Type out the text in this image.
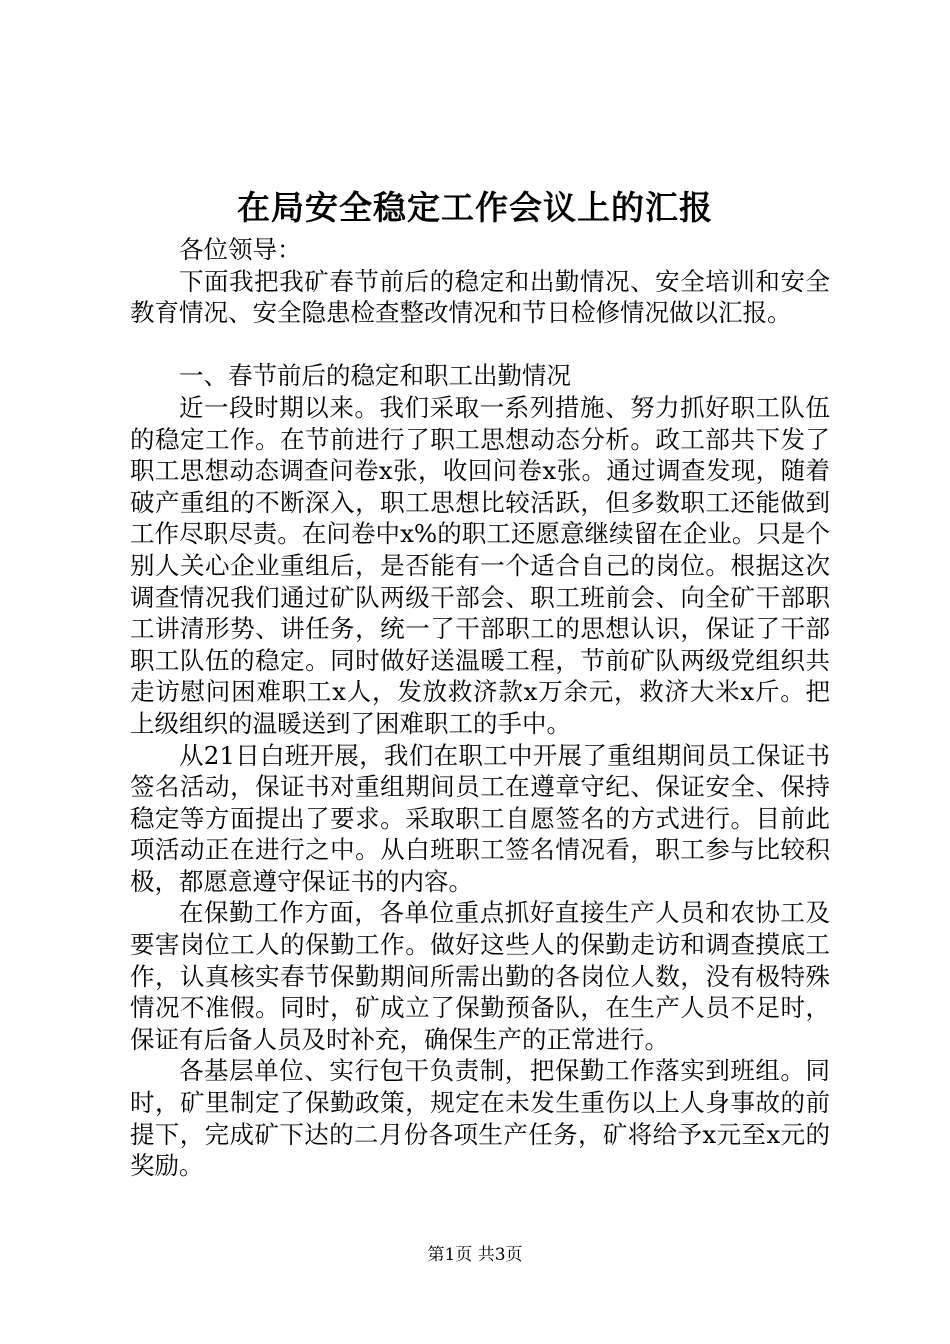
在局安全稳定工作会议上的汇报

各位领导：

下面我把我矿春节前后的稳定和出勤情况、安全培训和安全教育情况、安全隐患检查整改情况和节日检修情况做以汇报。

一、春节前后的稳定和职工出勤情况

近一段时期以来。我们采取一系列措施、努力抓好职工队伍的稳定工作。在节前进行了职工思想动态分析。政工部共下发了职工思想动态调查问卷x张，收回问卷x张。通过调查发现，随着破产重组的不断深入，职工思想比较活跃，但多数职工还能做到工作尽职尽责。在问卷中x%的职工还愿意继续留在企业。只是个别人关心企业重组后，是否能有一个适合自己的岗位。根据这次调查情况我们通过矿队两级干部会、职工班前会、向全矿干部职工讲清形势、讲任务，统一了干部职工的思想认识，保证了干部职工队伍的稳定。同时做好送温暖工程，节前矿队两级党组织共走访慰问困难职工x人，发放救济款x万余元，救济大米x斤。把上级组织的温暖送到了困难职工的手中。

从21日白班开展，我们在职工中开展了重组期间员工保证书签名活动，保证书对重组期间员工在遵章守纪、保证安全、保持稳定等方面提出了要求。采取职工自愿签名的方式进行。目前此项活动正在进行之中。从白班职工签名情况看，职工参与比较积极，都愿意遵守保证书的内容。

在保勤工作方面，各单位重点抓好直接生产人员和农协工及要害岗位工人的保勤工作。做好这些人的保勤走访和调查摸底工作，认真核实春节保勤期间所需出勤的各岗位人数，没有极特殊情况不准假。同时，矿成立了保勤预备队，在生产人员不足时，保证有后备人员及时补充，确保生产的正常进行。

各基层单位、实行包干负责制，把保勤工作落实到班组。同时，矿里制定了保勤政策，规定在未发生重伤以上人身事故的前提下，完成矿下达的二月份各项生产任务，矿将给予x元至x元的奖励。

第1页 共3页
